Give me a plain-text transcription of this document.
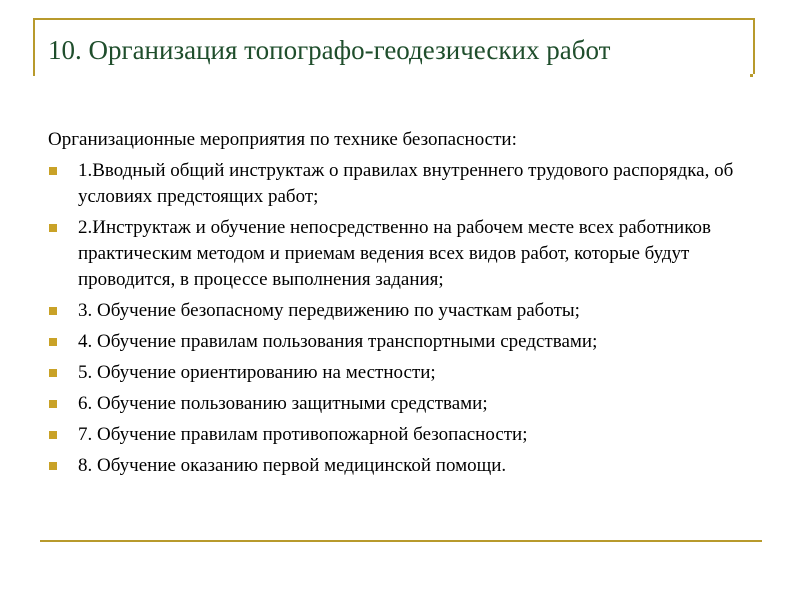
10. Организация топографо-геодезических работ

Организационные мероприятия по технике безопасности:

1.Вводный общий инструктаж о правилах внутреннего трудового распорядка, об условиях предстоящих работ;
2.Инструктаж и обучение непосредственно на рабочем месте всех работников практическим методом и приемам ведения всех видов работ, которые будут проводится, в процессе выполнения задания;
3. Обучение безопасному передвижению по участкам работы;
4. Обучение правилам пользования транспортными средствами;
5. Обучение ориентированию на местности;
6. Обучение пользованию защитными средствами;
7. Обучение правилам противопожарной безопасности;
8. Обучение оказанию первой медицинской помощи.
